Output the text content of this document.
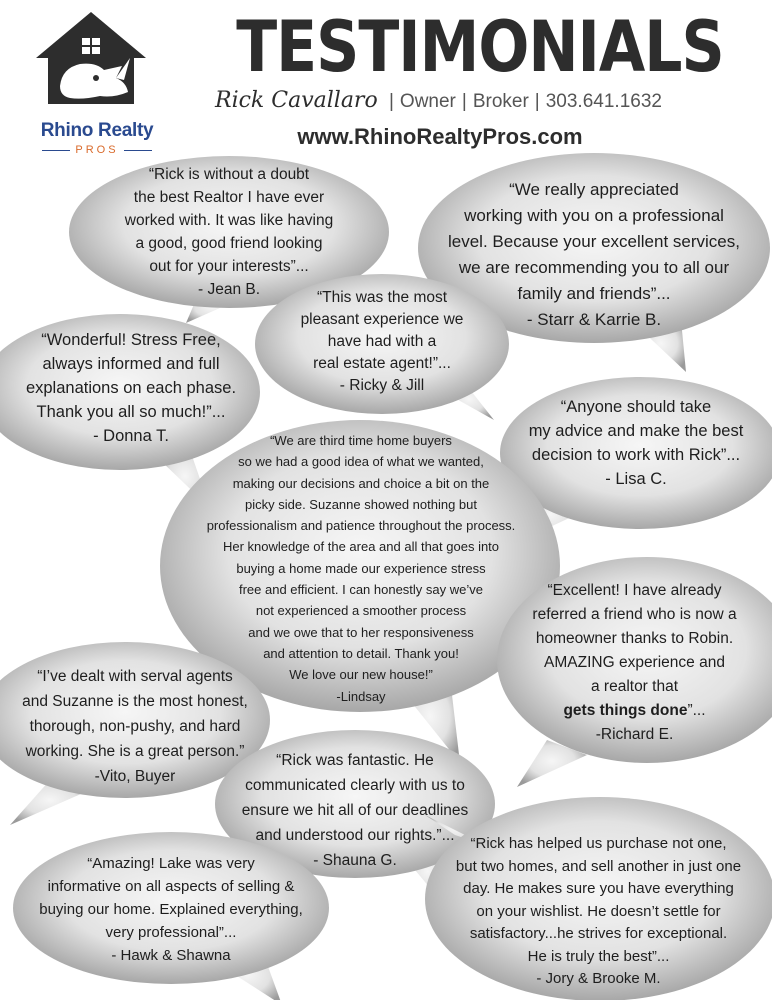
Rhino Realty
PROS
TESTIMONIALS
Rick Cavallaro | Owner | Broker | 303.641.1632
www.RhinoRealtyPros.com
“Rick is without a doubt
the best Realtor I have ever
worked with. It was like having
a good, good friend looking
out for your interests”...
- Jean B.
“We really appreciated
working with you on a professional
level. Because your excellent services,
we are recommending you to all our
family and friends”...
- Starr & Karrie B.
“This was the most
pleasant experience we
have had with a
real estate agent!”...
- Ricky & Jill
“Wonderful! Stress Free,
always informed and full
explanations on each phase.
Thank you all so much!”...
- Donna T.
“Anyone should take
my advice and make the best
decision to work with Rick”...
- Lisa C.
“We are third time home buyers
so we had a good idea of what we wanted,
making our decisions and choice a bit on the
picky side. Suzanne showed nothing but
professionalism and patience throughout the process.
Her knowledge of the area and all that goes into
buying a home made our experience stress
free and efficient. I can honestly say we’ve
not experienced a smoother process
and we owe that to her responsiveness
and attention to detail. Thank you!
We love our new house!”
-Lindsay
“Excellent! I have already
referred a friend who is now a
homeowner thanks to Robin.
AMAZING experience and
a realtor that
gets things done”...
-Richard E.
“I’ve dealt with serval agents
and Suzanne is the most honest,
thorough, non-pushy, and hard
working. She is a great person.”
-Vito, Buyer
“Rick was fantastic. He
communicated clearly with us to
ensure we hit all of our deadlines
and understood our rights.”...
- Shauna G.
“Amazing! Lake was very
informative on all aspects of selling &
buying our home. Explained everything,
very professional”...
- Hawk & Shawna
“Rick has helped us purchase not one,
but two homes, and sell another in just one
day. He makes sure you have everything
on your wishlist. He doesn’t settle for
satisfactory...he strives for exceptional.
He is truly the best”...
- Jory & Brooke M.
